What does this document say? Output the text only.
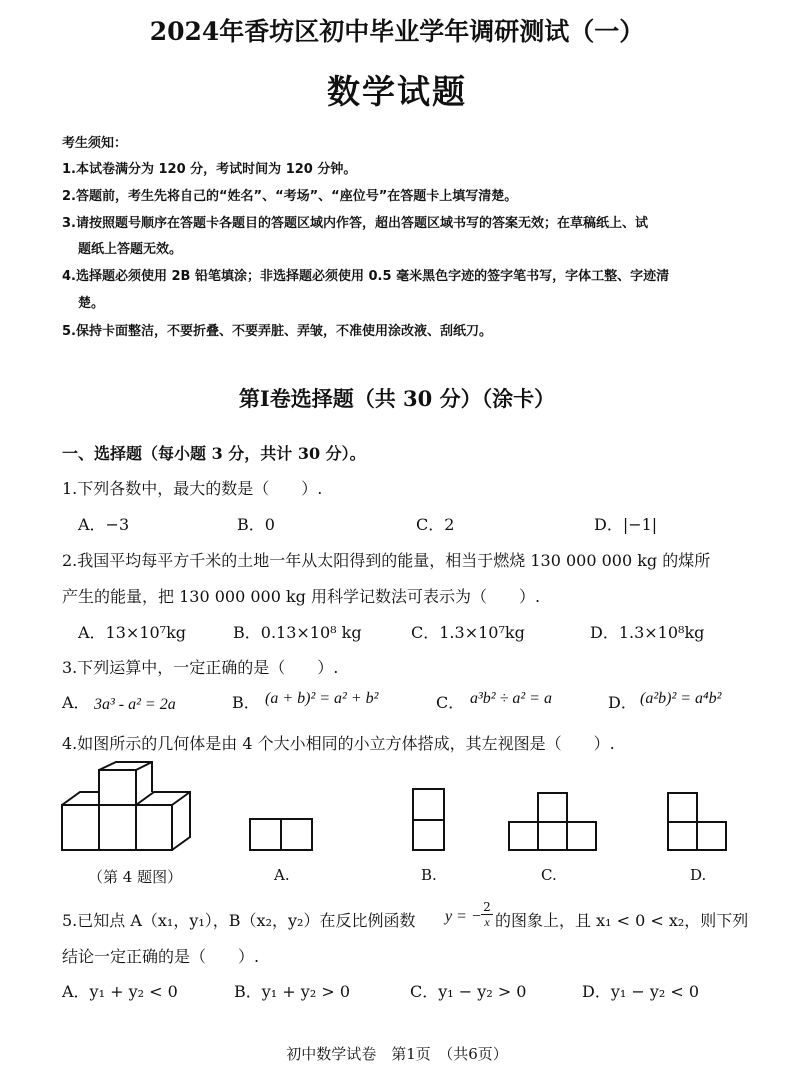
2024年香坊区初中毕业学年调研测试（一）
数学试题
考生须知：
1.本试卷满分为 120 分，考试时间为 120 分钟。
2.答题前，考生先将自己的“姓名”、“考场”、“座位号”在答题卡上填写清楚。
3.请按照题号顺序在答题卡各题目的答题区域内作答，超出答题区域书写的答案无效；在草稿纸上、试
题纸上答题无效。
4.选择题必须使用 2B 铅笔填涂；非选择题必须使用 0.5 毫米黑色字迹的签字笔书写，字体工整、字迹清
楚。
5.保持卡面整洁，不要折叠、不要弄脏、弄皱，不准使用涂改液、刮纸刀。
第Ⅰ卷选择题（共 30 分）（涂卡）
一、选择题（每小题 3 分，共计 30 分）。
1.下列各数中，最大的数是（　　）.
A．−3	B．0	C．2	D．|−1|
2.我国平均每平方千米的土地一年从太阳得到的能量，相当于燃烧 130 000 000 kg 的煤所
产生的能量，把 130 000 000 kg 用科学记数法可表示为（　　）.
A．13×10⁷kg	B．0.13×10⁸ kg	C．1.3×10⁷kg	D．1.3×10⁸kg
3.下列运算中，一定正确的是（　　）.
A． 3a³ - a² = 2a	B． (a + b)² = a² + b²	C． a³b² ÷ a² = a	D． (a²b)² = a⁴b²
4.如图所示的几何体是由 4 个大小相同的小立方体搭成，其左视图是（　　）.
（第 4 题图）	A.	B.	C.	D.
5.已知点 A（x₁，y₁），B（x₂，y₂）在反比例函数 y = − $\frac{2}{x}$ 的图象上，且 x₁ < 0 < x₂，则下列
结论一定正确的是（　　）.
A．y₁ + y₂ < 0	B．y₁ + y₂ > 0	C．y₁ − y₂ > 0	D．y₁ − y₂ < 0
初中数学试卷　第1页　（共6页）
